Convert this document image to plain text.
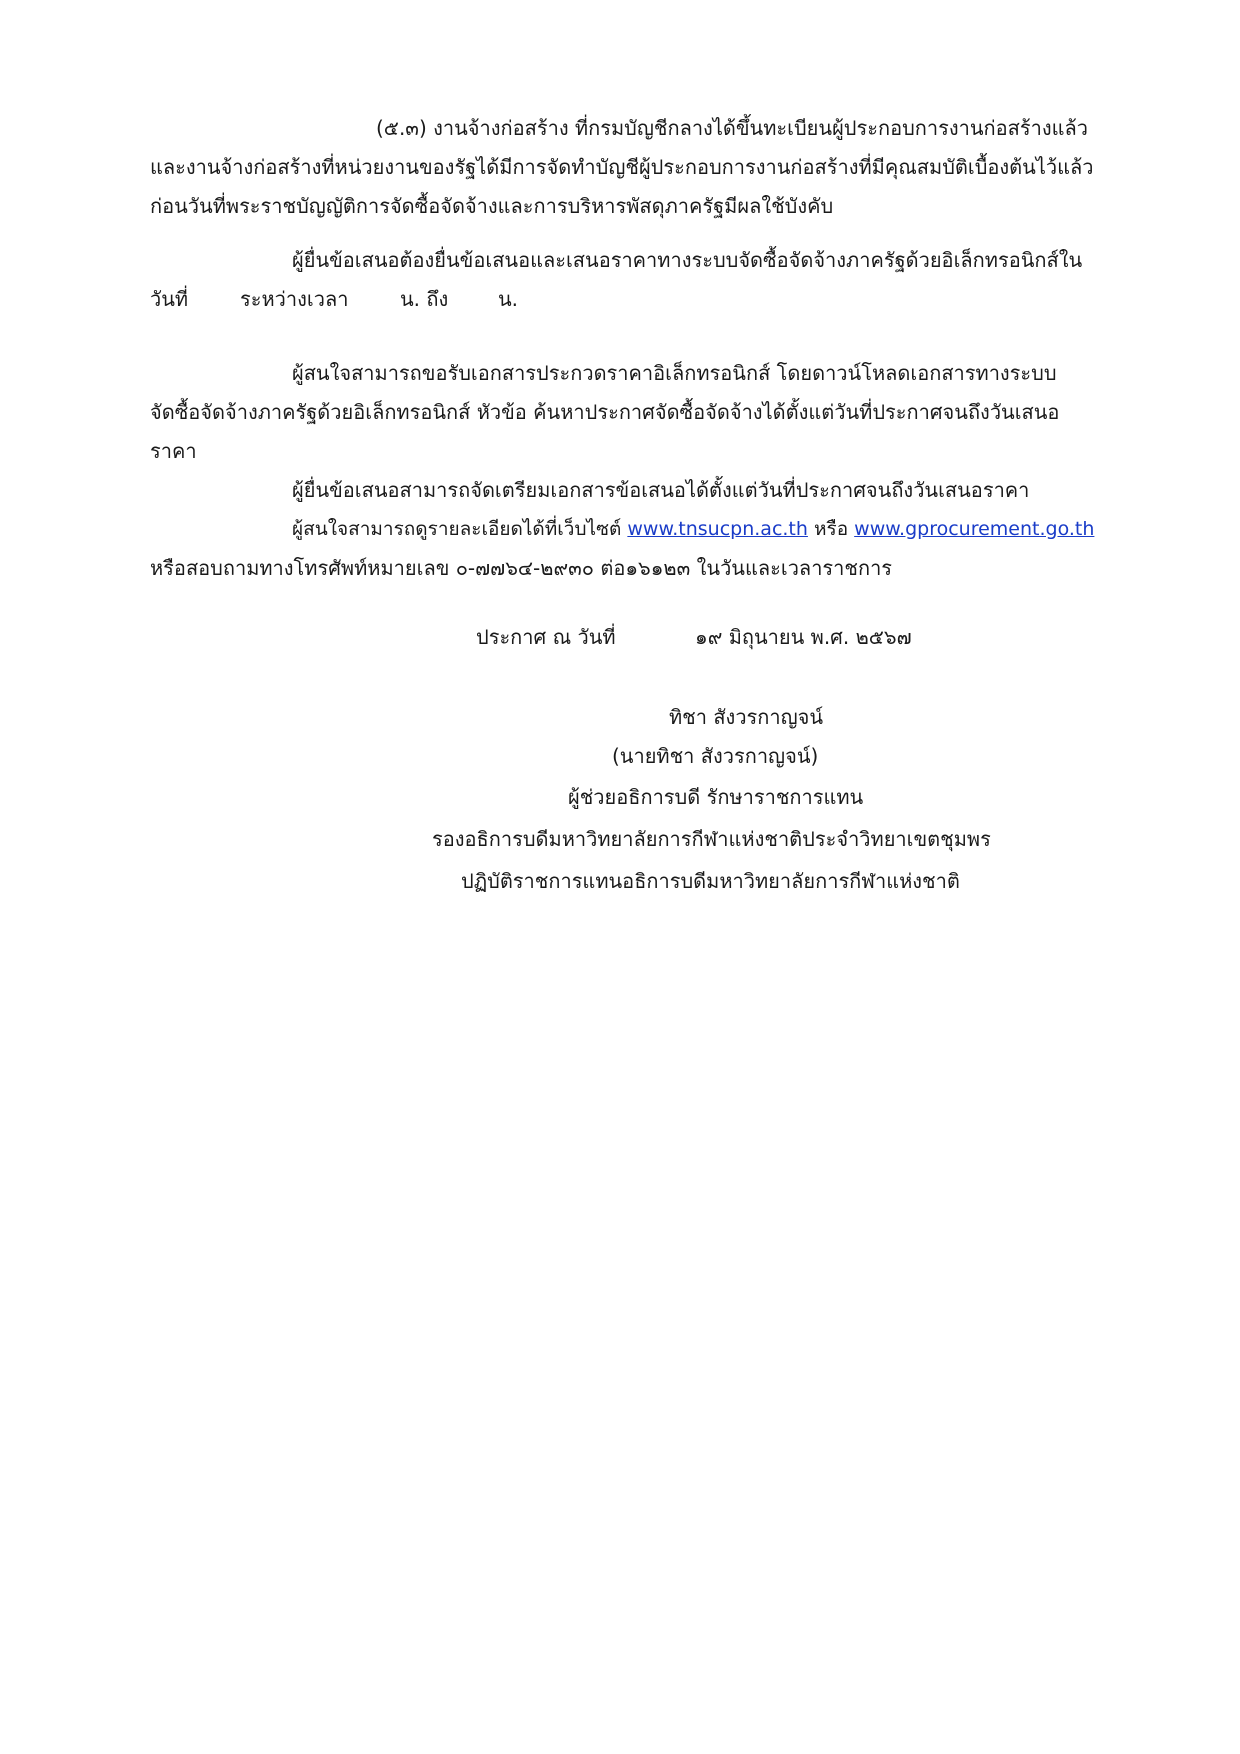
(๕.๓) งานจ้างก่อสร้าง ที่กรมบัญชีกลางได้ขึ้นทะเบียนผู้ประกอบการงานก่อสร้างแล้ว
และงานจ้างก่อสร้างที่หน่วยงานของรัฐได้มีการจัดทำบัญชีผู้ประกอบการงานก่อสร้างที่มีคุณสมบัติเบื้องต้นไว้แล้ว
ก่อนวันที่พระราชบัญญัติการจัดซื้อจัดจ้างและการบริหารพัสดุภาครัฐมีผลใช้บังคับ
ผู้ยื่นข้อเสนอต้องยื่นข้อเสนอและเสนอราคาทางระบบจัดซื้อจัดจ้างภาครัฐด้วยอิเล็กทรอนิกส์ใน
วันที่	ระหว่างเวลา	น. ถึง น.
ผู้สนใจสามารถขอรับเอกสารประกวดราคาอิเล็กทรอนิกส์ โดยดาวน์โหลดเอกสารทางระบบ
จัดซื้อจัดจ้างภาครัฐด้วยอิเล็กทรอนิกส์ หัวข้อ ค้นหาประกาศจัดซื้อจัดจ้างได้ตั้งแต่วันที่ประกาศจนถึงวันเสนอ
ราคา
ผู้ยื่นข้อเสนอสามารถจัดเตรียมเอกสารข้อเสนอได้ตั้งแต่วันที่ประกาศจนถึงวันเสนอราคา
ผู้สนใจสามารถดูรายละเอียดได้ที่เว็บไซต์ www.tnsucpn.ac.th หรือ www.gprocurement.go.th
หรือสอบถามทางโทรศัพท์หมายเลข ๐-๗๗๖๔-๒๙๓๐ ต่อ๑๖๑๒๓ ในวันและเวลาราชการ
ประกาศ ณ วันที่	๑๙ มิถุนายน พ.ศ. ๒๕๖๗
ทิชา สังวรกาญจน์
(นายทิชา สังวรกาญจน์)
ผู้ช่วยอธิการบดี รักษาราชการแทน
รองอธิการบดีมหาวิทยาลัยการกีฬาแห่งชาติประจำวิทยาเขตชุมพร
ปฏิบัติราชการแทนอธิการบดีมหาวิทยาลัยการกีฬาแห่งชาติ
